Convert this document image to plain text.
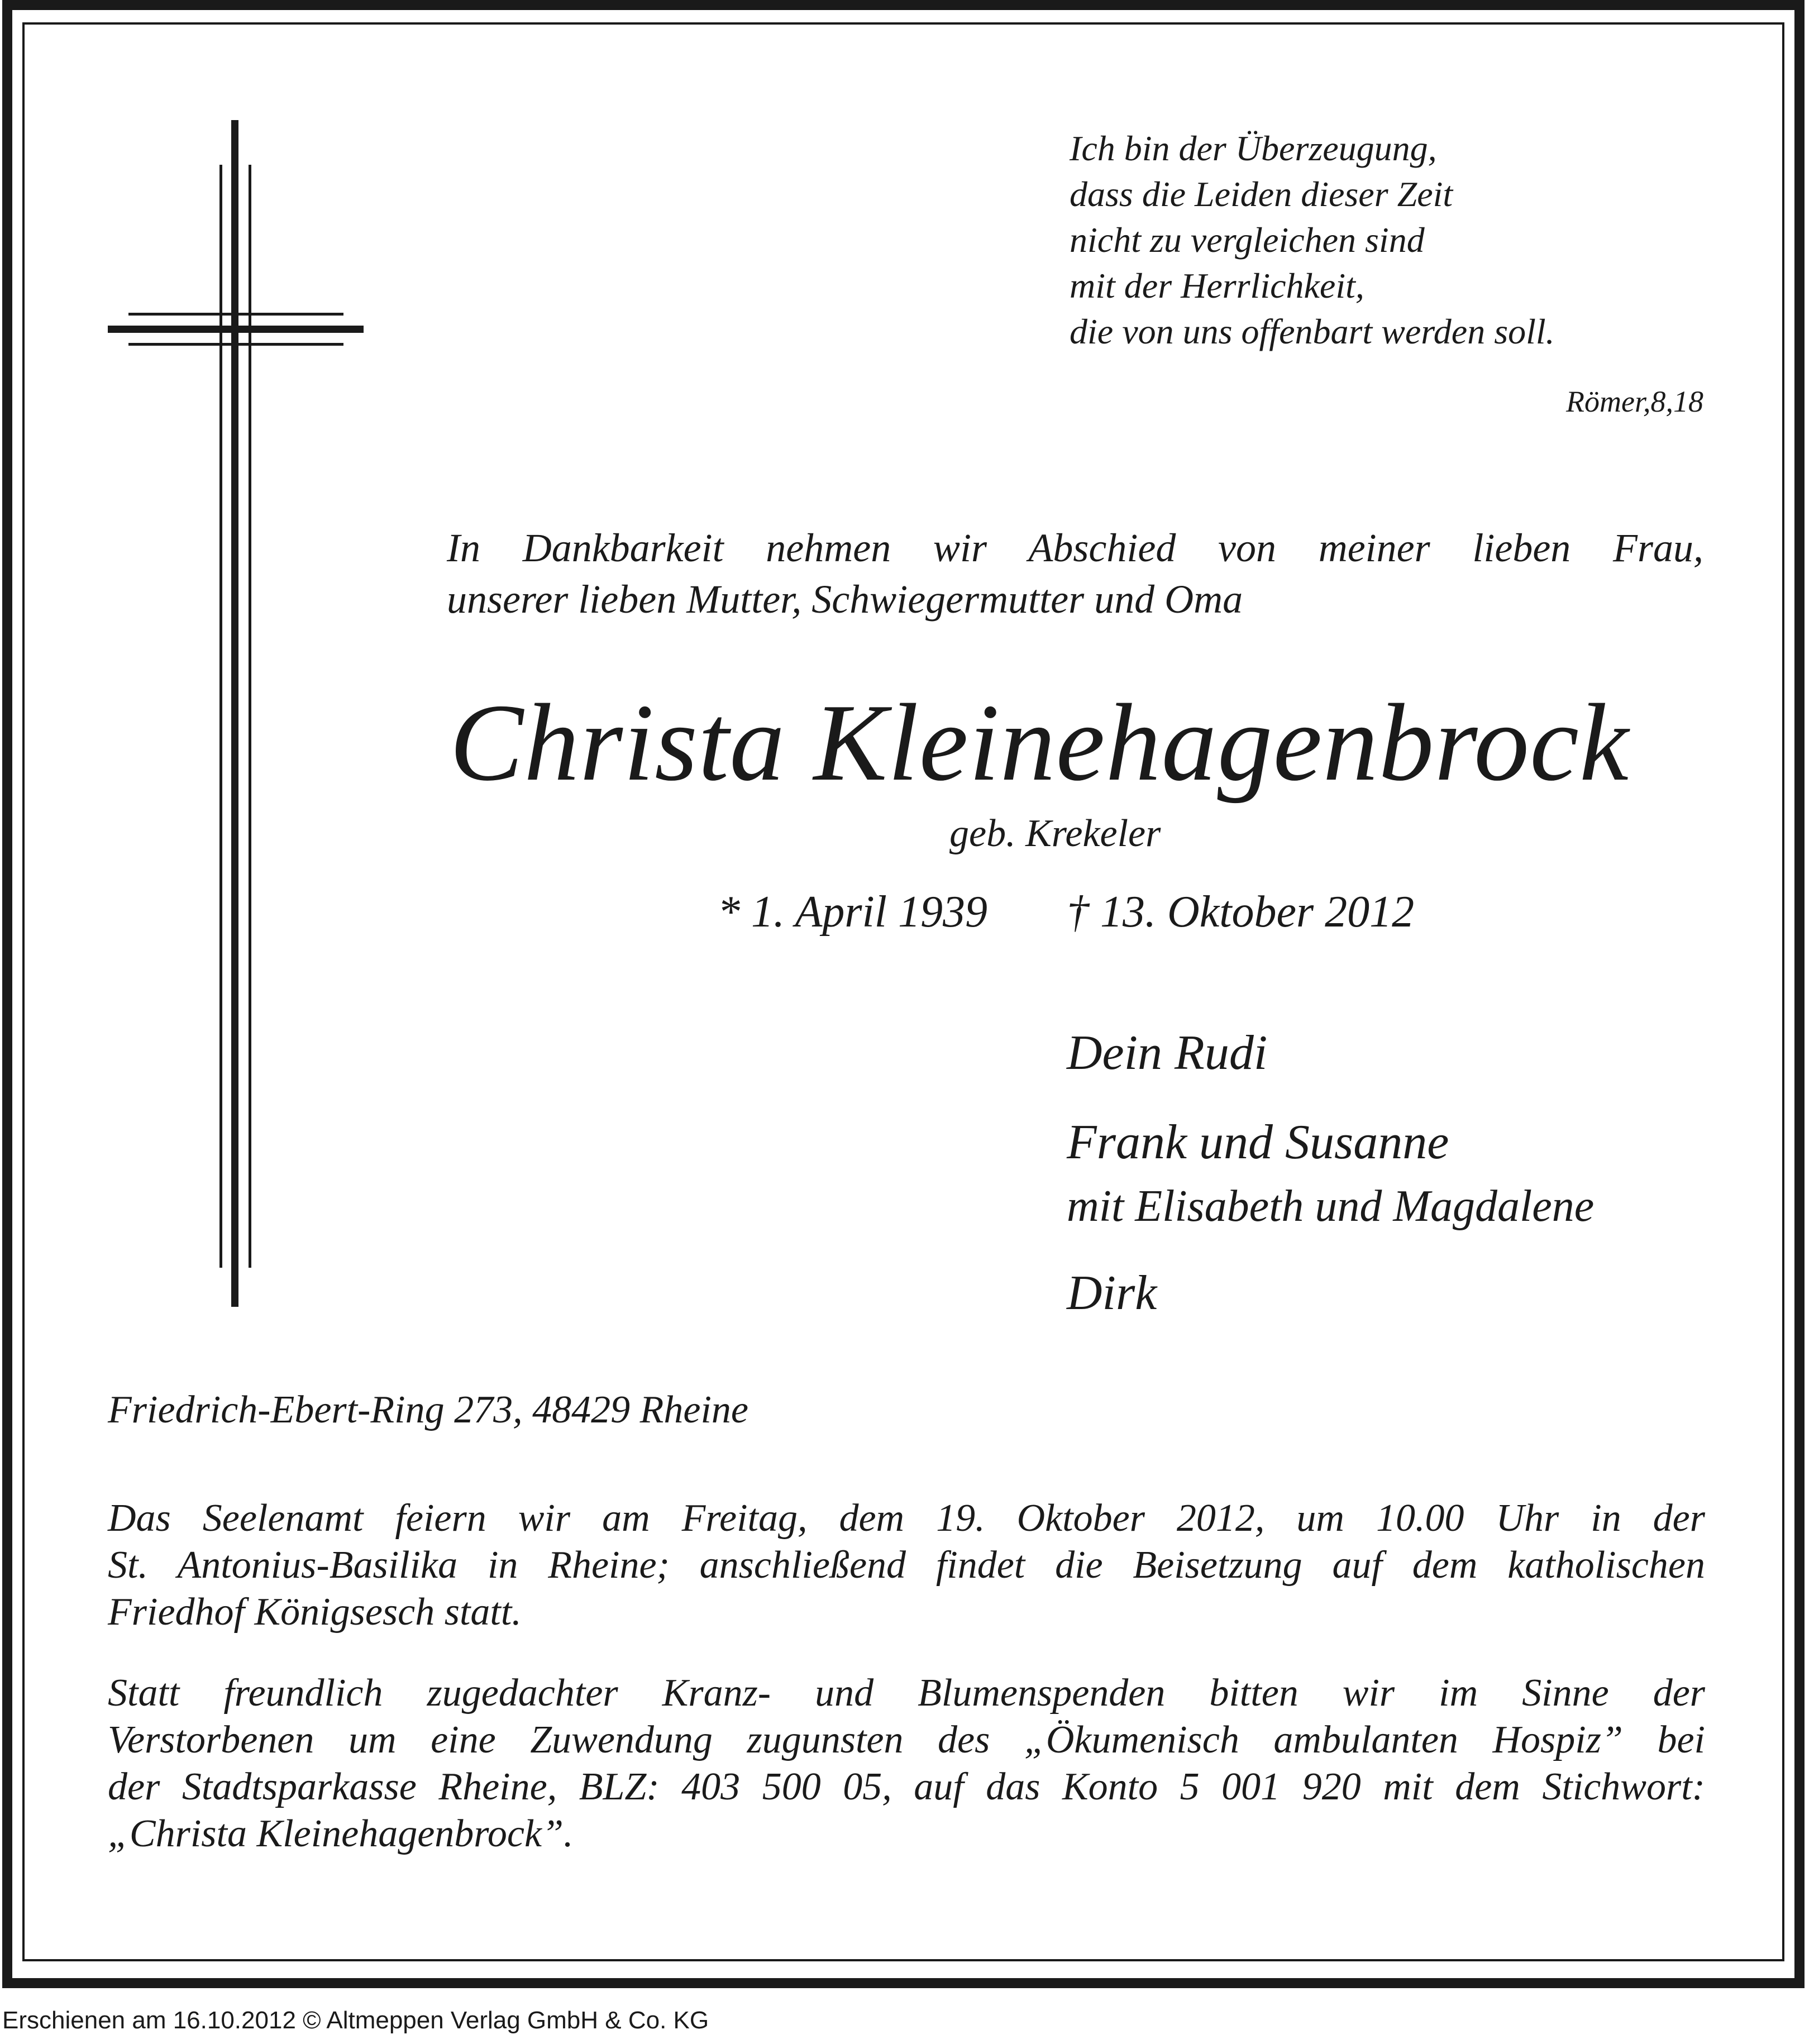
Ich bin der Überzeugung,
dass die Leiden dieser Zeit
nicht zu vergleichen sind
mit der Herrlichkeit,
die von uns offenbart werden soll.
Römer,8,18
In Dankbarkeit nehmen wir Abschied von meiner lieben Frau,
unserer lieben Mutter, Schwiegermutter und Oma
Christa Kleinehagenbrock
geb. Krekeler
* 1. April 1939 † 13. Oktober 2012
Dein Rudi
Frank und Susanne
mit Elisabeth und Magdalene
Dirk
Friedrich-Ebert-Ring 273, 48429 Rheine
Das Seelenamt feiern wir am Freitag, dem 19. Oktober 2012, um 10.00 Uhr in der
St. Antonius-Basilika in Rheine; anschließend findet die Beisetzung auf dem katholischen
Friedhof Königsesch statt.
Statt freundlich zugedachter Kranz- und Blumenspenden bitten wir im Sinne der
Verstorbenen um eine Zuwendung zugunsten des „Ökumenisch ambulanten Hospiz” bei
der Stadtsparkasse Rheine, BLZ: 403 500 05, auf das Konto 5 001 920 mit dem Stichwort:
„Christa Kleinehagenbrock”.
Erschienen am 16.10.2012 © Altmeppen Verlag GmbH & Co. KG
